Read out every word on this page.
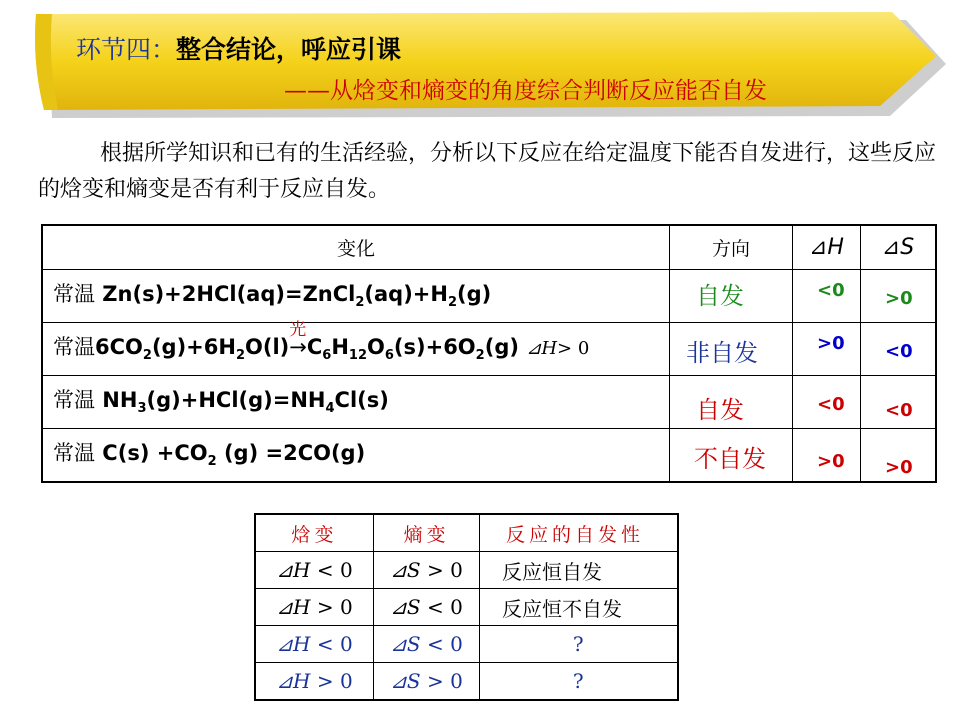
环节四：整合结论，呼应引课
——从焓变和熵变的角度综合判断反应能否自发

根据所学知识和已有的生活经验，分析以下反应在给定温度下能否自发进行，这些反应的焓变和熵变是否有利于反应自发。

变化	方向	⊿H	⊿S

常温 $Zn(s)+2HCl(aq)=ZnCl_2(aq)+H_2(g)$	自发	<0	>0

常温$6CO_2(g)+6H_2O(l)$
光
$\to C_6H_{12}O_6(s)+6O_2(g)$ ⊿H> 0	非自发	>0	<0

常温 $NH_3(g)+HCl(g)=NH_4Cl(s)$	自发	<0	<0

常温 $C(s) +CO_2$ (g) =2CO(g)	不自发	>0	>0
焓变	熵变	反应的自发性
⊿H < 0	⊿S > 0	反应恒自发
⊿H > 0	⊿S < 0	反应恒不自发
⊿H < 0	⊿S < 0	?
⊿H > 0	⊿S > 0	?
